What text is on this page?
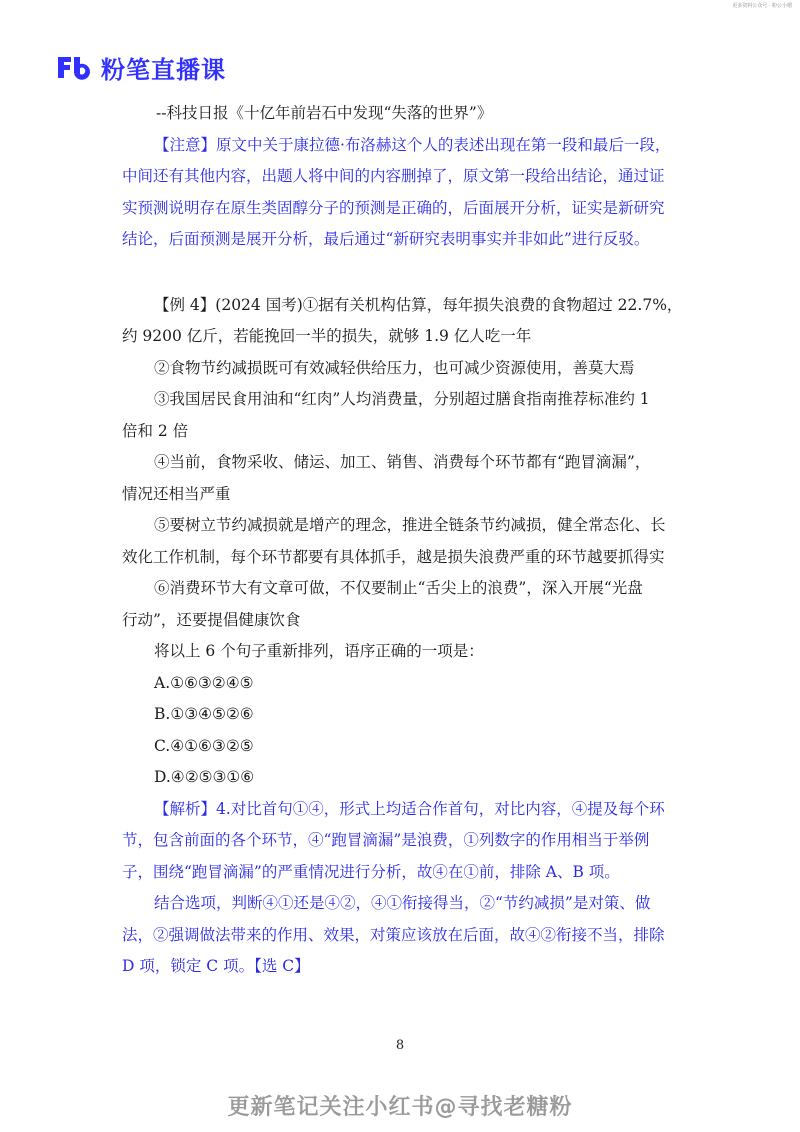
更多资料公众号 · 粉公小嗯
粉笔直播课
--科技日报《十亿年前岩石中发现“失落的世界”》
【注意】原文中关于康拉德·布洛赫这个人的表述出现在第一段和最后一段，
中间还有其他内容，出题人将中间的内容删掉了，原文第一段给出结论，通过证
实预测说明存在原生类固醇分子的预测是正确的，后面展开分析，证实是新研究
结论，后面预测是展开分析，最后通过“新研究表明事实并非如此”进行反驳。
【例 4】(2024 国考)①据有关机构估算，每年损失浪费的食物超过 22.7%，
约 9200 亿斤，若能挽回一半的损失，就够 1.9 亿人吃一年
②食物节约减损既可有效减轻供给压力，也可减少资源使用，善莫大焉
③我国居民食用油和“红肉”人均消费量，分别超过膳食指南推荐标准约 1
倍和 2 倍
④当前，食物采收、储运、加工、销售、消费每个环节都有“跑冒滴漏”，
情况还相当严重
⑤要树立节约减损就是增产的理念，推进全链条节约减损，健全常态化、长
效化工作机制，每个环节都要有具体抓手，越是损失浪费严重的环节越要抓得实
⑥消费环节大有文章可做，不仅要制止“舌尖上的浪费”，深入开展“光盘
行动”，还要提倡健康饮食
将以上 6 个句子重新排列，语序正确的一项是：
A.①⑥③②④⑤
B.①③④⑤②⑥
C.④①⑥③②⑤
D.④②⑤③①⑥
【解析】4.对比首句①④，形式上均适合作首句，对比内容，④提及每个环
节，包含前面的各个环节，④“跑冒滴漏”是浪费，①列数字的作用相当于举例
子，围绕“跑冒滴漏”的严重情况进行分析，故④在①前，排除 A、B 项。
结合选项，判断④①还是④②，④①衔接得当，②“节约减损”是对策、做
法，②强调做法带来的作用、效果，对策应该放在后面，故④②衔接不当，排除
D 项，锁定 C 项。【选 C】
8
更新笔记关注小红书@寻找老糖粉
